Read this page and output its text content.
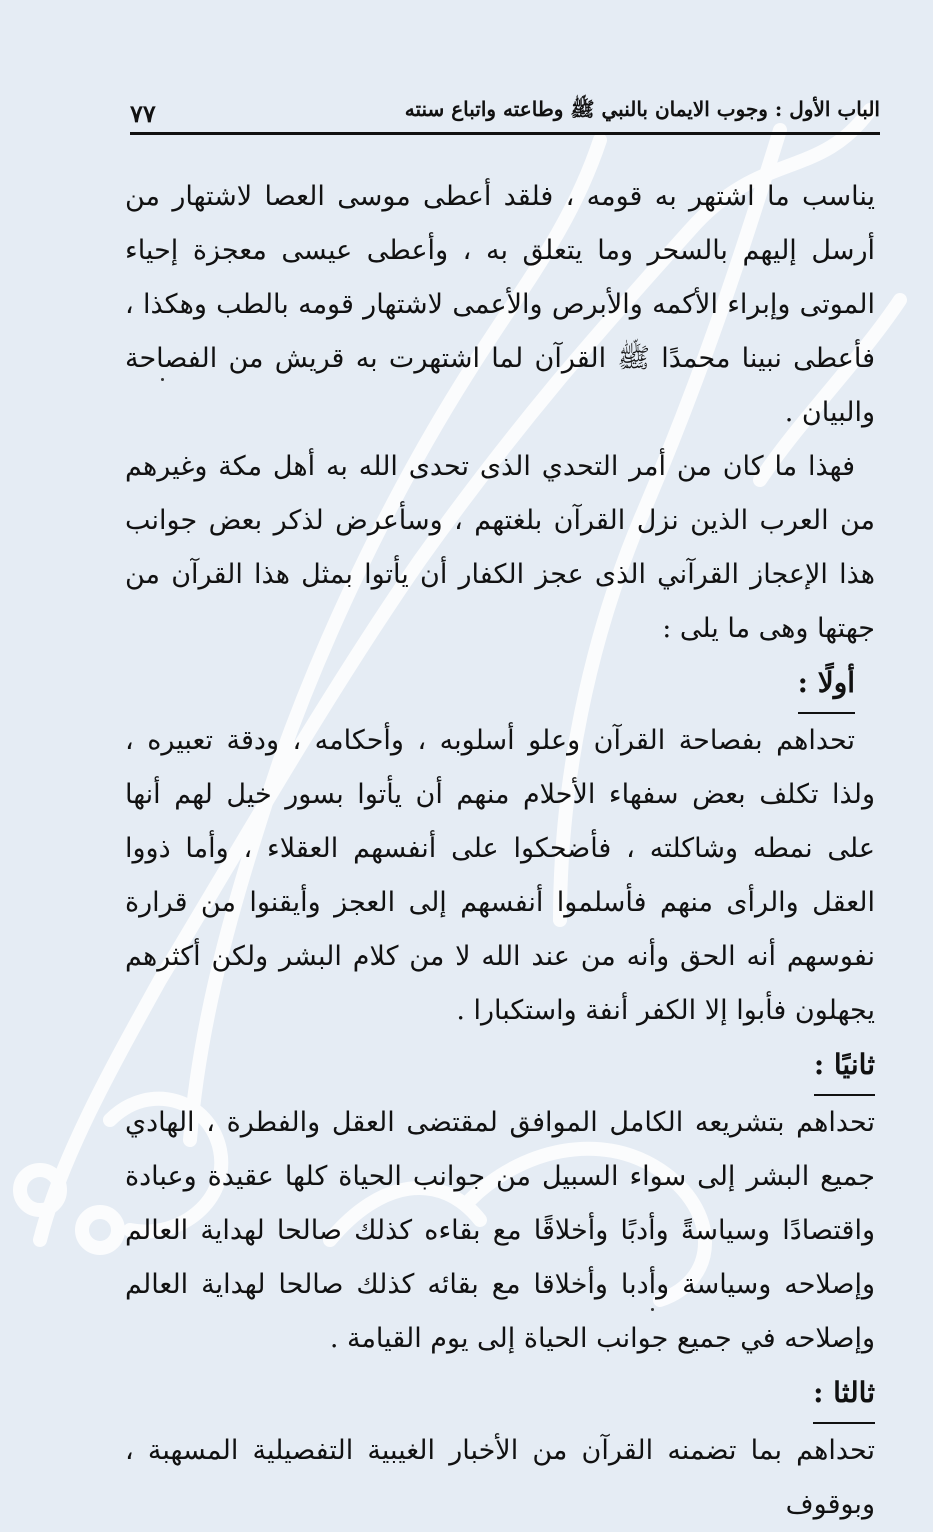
الباب الأول : وجوب الايمان بالنبي ﷺ وطاعته واتباع سنته
٧٧

يناسب ما اشتهر به قومه ، فلقد أعطى موسى العصا لاشتهار من أرسل إليهم بالسحر وما يتعلق به ، وأعطى عيسى معجزة إحياء الموتى وإبراء الأكمه والأبرص والأعمى لاشتهار قومه بالطب وهكذا ، فأعطى نبينا محمدًا ﷺ القرآن لما اشتهرت به قريش من الفصاحة والبيان .

فهذا ما كان من أمر التحدي الذى تحدى الله به أهل مكة وغيرهم من العرب الذين نزل القرآن بلغتهم ، وسأعرض لذكر بعض جوانب هذا الإعجاز القرآني الذى عجز الكفار أن يأتوا بمثل هذا القرآن من جهتها وهى ما يلى :

أولًا :

تحداهم بفصاحة القرآن وعلو أسلوبه ، وأحكامه ، ودقة تعبيره ، ولذا تكلف بعض سفهاء الأحلام منهم أن يأتوا بسور خيل لهم أنها على نمطه وشاكلته ، فأضحكوا على أنفسهم العقلاء ، وأما ذووا العقل والرأى منهم فأسلموا أنفسهم إلى العجز وأيقنوا من قرارة نفوسهم أنه الحق وأنه من عند الله لا من كلام البشر ولكن أكثرهم يجهلون فأبوا إلا الكفر أنفة واستكبارا .

ثانيًا :

تحداهم بتشريعه الكامل الموافق لمقتضى العقل والفطرة ، الهادي جميع البشر إلى سواء السبيل من جوانب الحياة كلها عقيدة وعبادة واقتصادًا وسياسةً وأدبًا وأخلاقًا مع بقاءه كذلك صالحا لهداية العالم وإصلاحه وسياسة وأدبا وأخلاقا مع بقائه كذلك صالحا لهداية العالم وإصلاحه في جميع جوانب الحياة إلى يوم القيامة .

ثالثا :

تحداهم بما تضمنه القرآن من الأخبار الغيبية التفصيلية المسهبة ، وبوقوف
